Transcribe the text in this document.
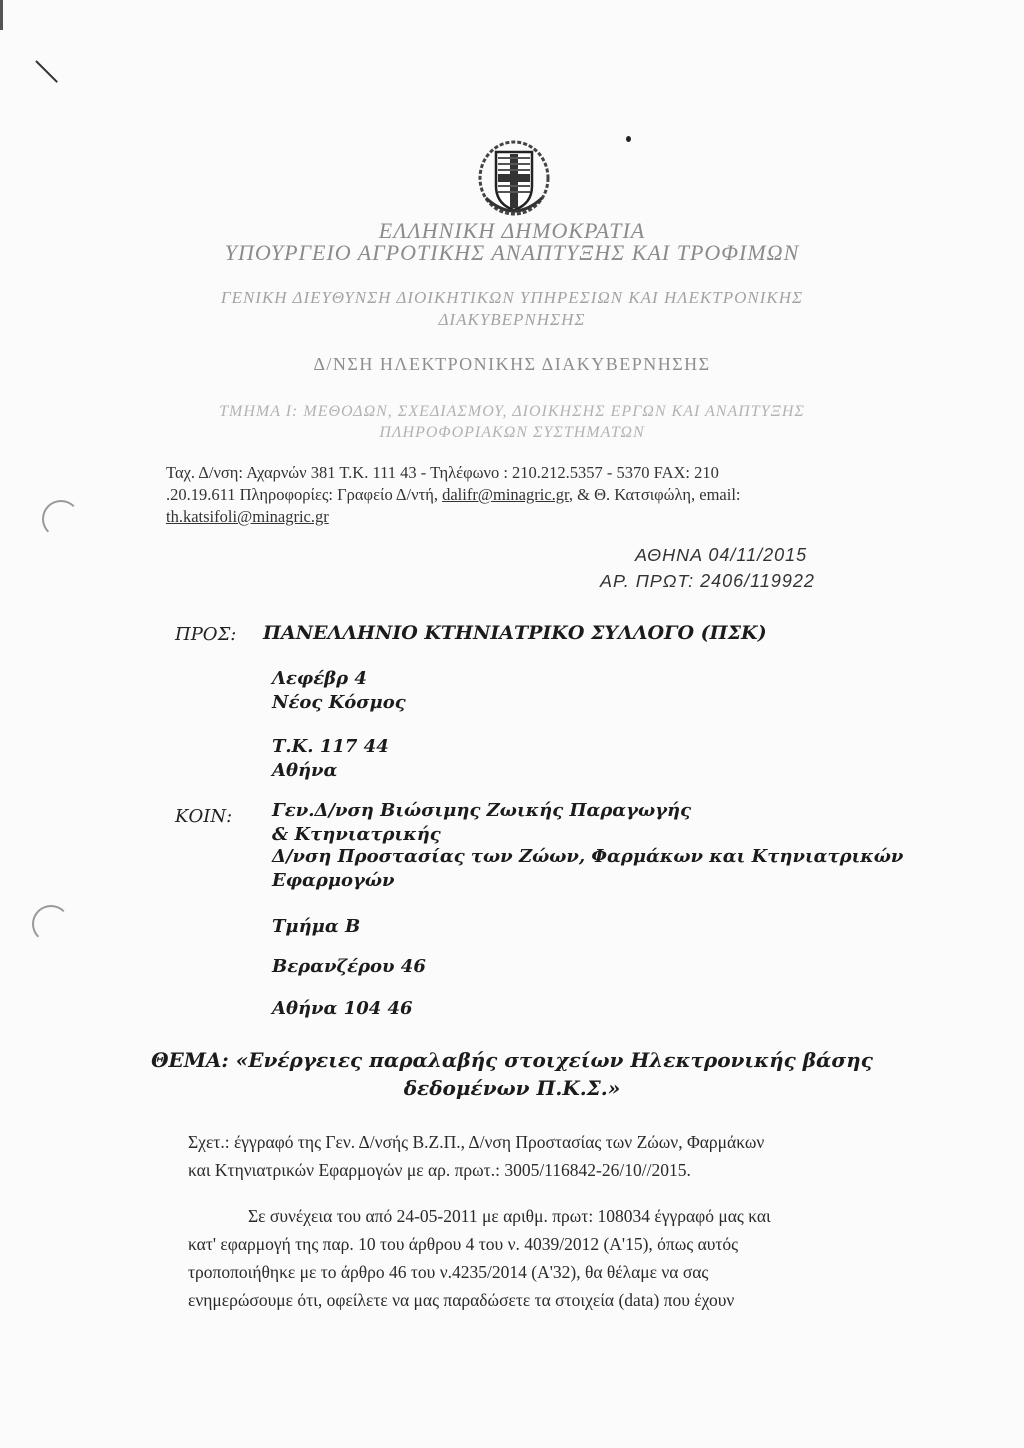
ΕΛΛΗΝΙΚΗ ΔΗΜΟΚΡΑΤΙΑ
ΥΠΟΥΡΓΕΙΟ ΑΓΡΟΤΙΚΗΣ ΑΝΑΠΤΥΞΗΣ ΚΑΙ ΤΡΟΦΙΜΩΝ
ΓΕΝΙΚΗ ΔΙΕΥΘΥΝΣΗ ΔΙΟΙΚΗΤΙΚΩΝ ΥΠΗΡΕΣΙΩΝ ΚΑΙ ΗΛΕΚΤΡΟΝΙΚΗΣ
ΔΙΑΚΥΒΕΡΝΗΣΗΣ
Δ/ΝΣΗ ΗΛΕΚΤΡΟΝΙΚΗΣ ΔΙΑΚΥΒΕΡΝΗΣΗΣ
ΤΜΗΜΑ Ι: ΜΕΘΟΔΩΝ, ΣΧΕΔΙΑΣΜΟΥ, ΔΙΟΙΚΗΣΗΣ ΕΡΓΩΝ ΚΑΙ ΑΝΑΠΤΥΞΗΣ
ΠΛΗΡΟΦΟΡΙΑΚΩΝ ΣΥΣΤΗΜΑΤΩΝ
Ταχ. Δ/νση: Αχαρνών 381 Τ.Κ. 111 43 - Τηλέφωνο : 210.212.5357 - 5370 FAX: 210
.20.19.611 Πληροφορίες: Γραφείο Δ/ντή, dalifr@minagric.gr, & Θ. Κατσιφώλη, email:
th.katsifoli@minagric.gr
ΑΘΗΝΑ 04/11/2015
ΑΡ. ΠΡΩΤ: 2406/119922
ΠΡΟΣ: ΠΑΝΕΛΛΗΝΙΟ ΚΤΗΝΙΑΤΡΙΚΟ ΣΥΛΛΟΓΟ (ΠΣΚ)
Λεφέβρ 4
Νέος Κόσμος
Τ.Κ. 117 44
Αθήνα
ΚΟΙΝ: Γεν.Δ/νση Βιώσιμης Ζωικής Παραγωγής
& Κτηνιατρικής
Δ/νση Προστασίας των Ζώων, Φαρμάκων και Κτηνιατρικών
Εφαρμογών
Τμήμα Β
Βερανζέρου 46
Αθήνα 104 46
ΘΕΜΑ: «Ενέργειες παραλαβής στοιχείων Ηλεκτρονικής βάσης
δεδομένων Π.Κ.Σ.»
Σχετ.: έγγραφό της Γεν. Δ/νσής Β.Ζ.Π., Δ/νση Προστασίας των Ζώων, Φαρμάκων
και Κτηνιατρικών Εφαρμογών με αρ. πρωτ.: 3005/116842-26/10//2015.
Σε συνέχεια του από 24-05-2011 με αριθμ. πρωτ: 108034 έγγραφό μας και
κατ' εφαρμογή της παρ. 10 του άρθρου 4 του ν. 4039/2012 (Α'15), όπως αυτός
τροποποιήθηκε με το άρθρο 46 του ν.4235/2014 (Α'32), θα θέλαμε να σας
ενημερώσουμε ότι, οφείλετε να μας παραδώσετε τα στοιχεία (data) που έχουν
